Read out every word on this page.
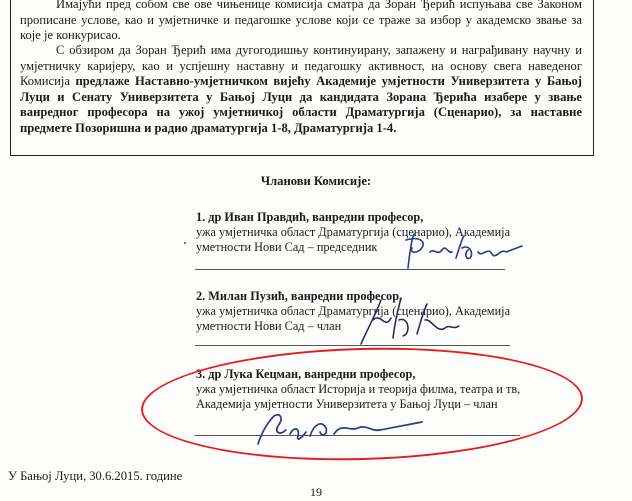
Имајући пред собом све ове чињенице комисија сматра да Зоран Ђерић испуњава све Законом прописане услове, као и умјетничке и педагошке услове који се траже за избор у академско звање за које је конкурисао.

С обзиром да Зоран Ђерић има дугогодишњу континуирану, запажену и награђивану научну и умјетничку каријеру, као и успјешну наставну и педагошку активност, на основу свега наведеног Комисија предлаже Наставно-умјетничком вијећу Академије умјетности Универзитета у Бањој Луци и Сенату Универзитета у Бањој Луци да кандидата Зорана Ђерића изабере у звање ванредног професора на ужој умјетничкој области Драматургија (Сценарио), за наставне предмете Позоришна и радио драматургија 1-8, Драматургија 1-4.

Чланови Комисије:
1. др Иван Правдић, ванредни професор,
ужа умјетничка област Драматургија (сценарио), Академија
уметности Нови Сад – председник
2. Милан Пузић, ванредни професор,
ужа умјетничка област Драматургија (сценарио), Академија
уметности Нови Сад – члан
3. др Лука Кецман, ванредни професор,
ужа умјетничка област Историја и теорија филма, театра и тв,
Академија умјетности Универзитета у Бањој Луци – члан
У Бањој Луци, 30.6.2015. године
19
